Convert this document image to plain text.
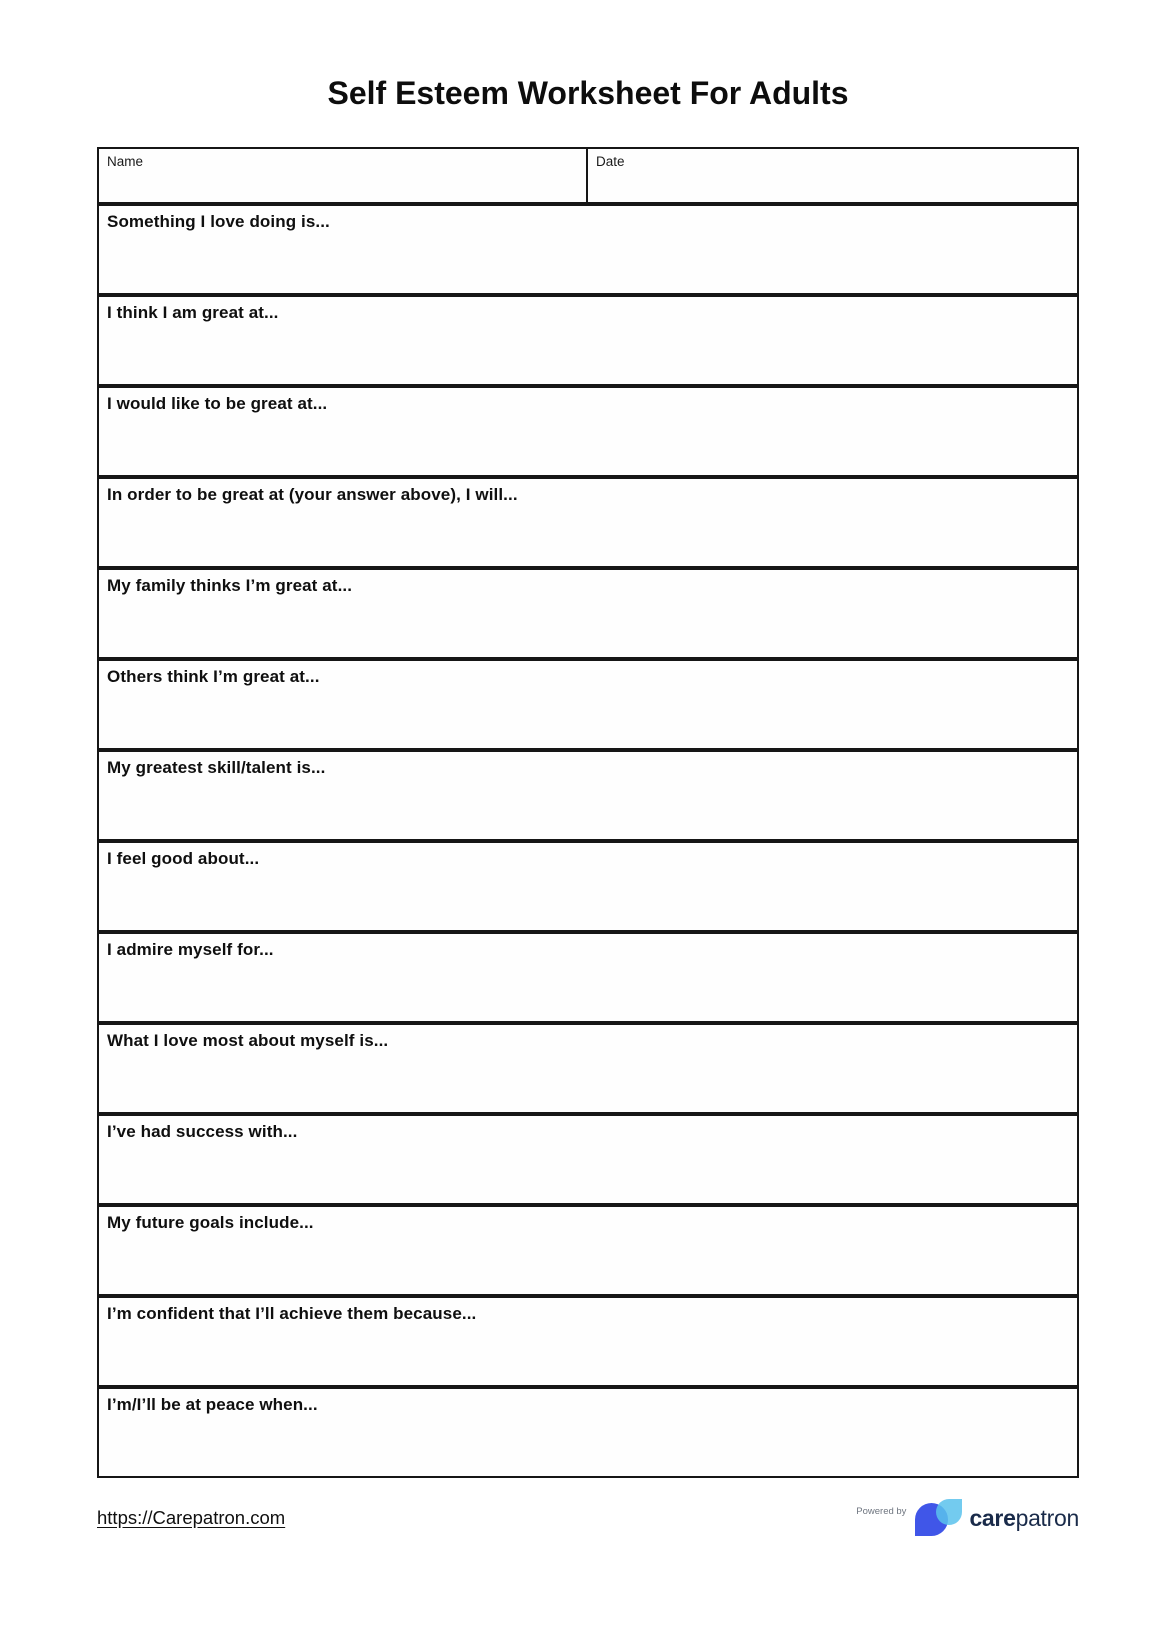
Self Esteem Worksheet For Adults
Name	Date

Something I love doing is...

I think I am great at...

I would like to be great at...

In order to be great at (your answer above), I will...

My family thinks I’m great at...

Others think I’m great at...

My greatest skill/talent is...

I feel good about...

I admire myself for...

What I love most about myself is...

I’ve had success with...

My future goals include...

I’m confident that I’ll achieve them because...

I’m/I’ll be at peace when...
https://Carepatron.com	Powered by	carepatron
